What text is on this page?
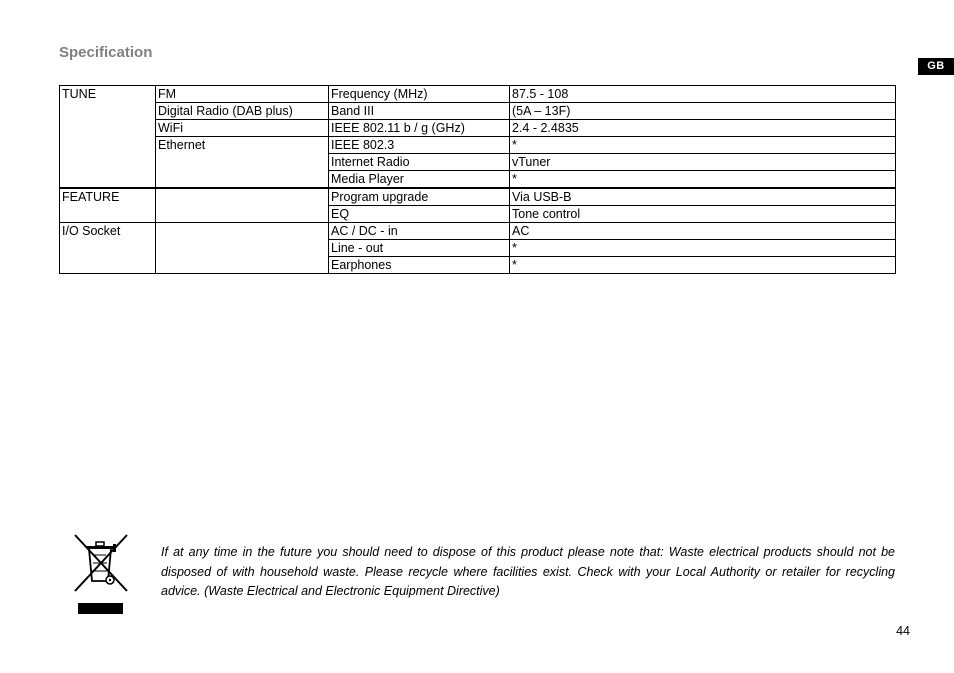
Specification
GB
TUNE	FM	Frequency (MHz)	87.5 - 108
	Digital Radio (DAB plus)	Band III	(5A – 13F)
	WiFi	IEEE 802.11 b / g (GHz)	2.4 - 2.4835
	Ethernet	IEEE 802.3	*
		Internet Radio	vTuner
		Media Player	*
FEATURE		Program upgrade	Via USB-B
		EQ	Tone control
I/O Socket		AC / DC - in	AC
		Line - out	*
		Earphones	*
If at any time in the future you should need to dispose of this product please note that: Waste electrical products should not be disposed of with household waste. Please recycle where facilities exist. Check with your Local Authority or retailer for recycling advice. (Waste Electrical and Electronic Equipment Directive)
44
